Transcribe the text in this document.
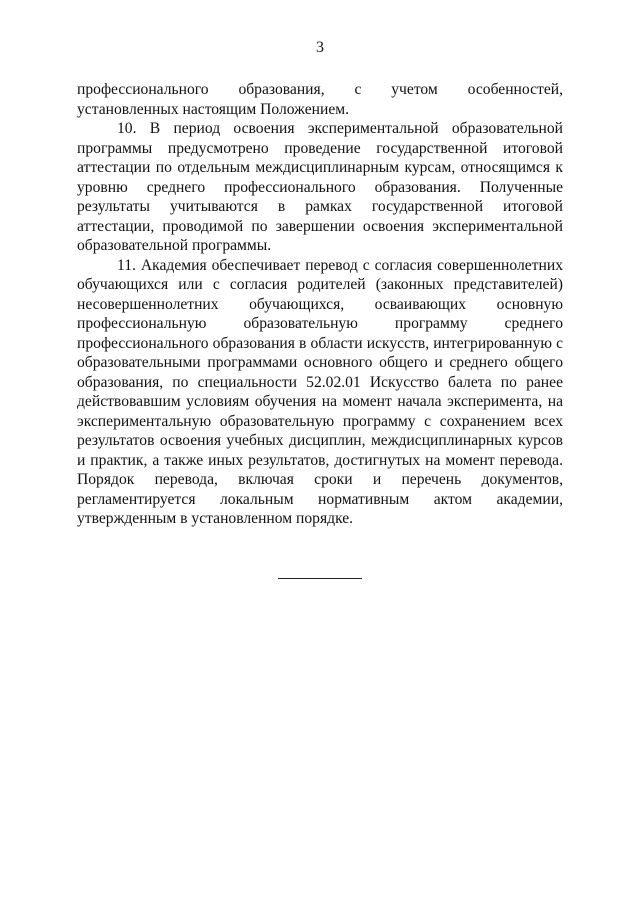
3

профессионального образования, с учетом особенностей, установленных настоящим Положением.

10. В период освоения экспериментальной образовательной программы предусмотрено проведение государственной итоговой аттестации по отдельным междисциплинарным курсам, относящимся к уровню среднего профессионального образования. Полученные результаты учитываются в рамках государственной итоговой аттестации, проводимой по завершении освоения экспериментальной образовательной программы.

11. Академия обеспечивает перевод с согласия совершеннолетних обучающихся или с согласия родителей (законных представителей) несовершеннолетних обучающихся, осваивающих основную профессиональную образовательную программу среднего профессионального образования в области искусств, интегрированную с образовательными программами основного общего и среднего общего образования, по специальности 52.02.01 Искусство балета по ранее действовавшим условиям обучения на момент начала эксперимента, на экспериментальную образовательную программу с сохранением всех результатов освоения учебных дисциплин, междисциплинарных курсов и практик, а также иных результатов, достигнутых на момент перевода. Порядок перевода, включая сроки и перечень документов, регламентируется локальным нормативным актом академии, утвержденным в установленном порядке.
